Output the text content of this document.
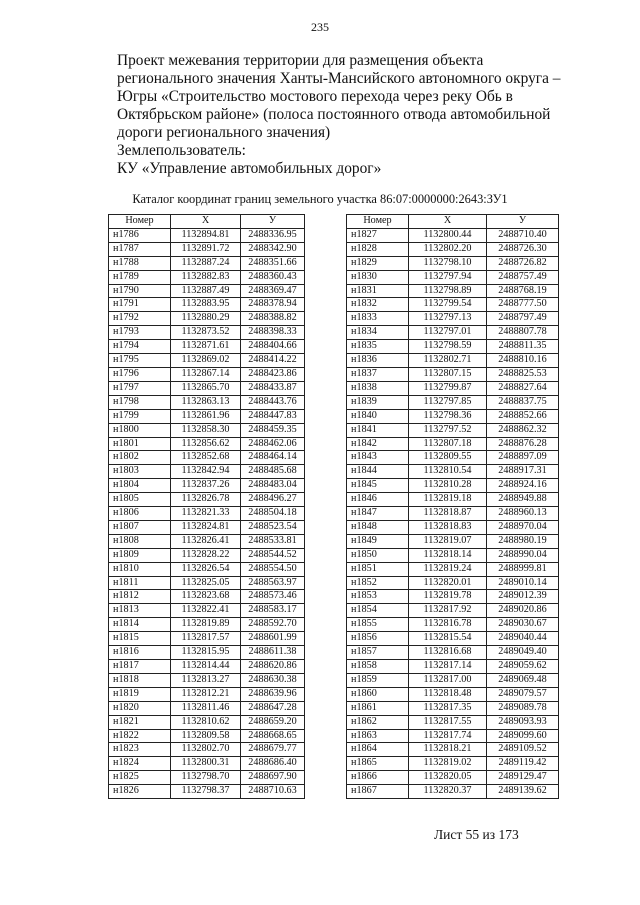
235
Проект межевания территории для размещения объекта
регионального значения Ханты-Мансийского автономного округа –
Югры «Строительство мостового перехода через реку Обь в
Октябрьском районе» (полоса постоянного отвода автомобильной
дороги регионального значения)
Землепользователь:
КУ «Управление автомобильных дорог»
Каталог координат границ земельного участка 86:07:0000000:2643:ЗУ1
Номер	X	У
н1786	1132894.81	2488336.95
н1787	1132891.72	2488342.90
н1788	1132887.24	2488351.66
н1789	1132882.83	2488360.43
н1790	1132887.49	2488369.47
н1791	1132883.95	2488378.94
н1792	1132880.29	2488388.82
н1793	1132873.52	2488398.33
н1794	1132871.61	2488404.66
н1795	1132869.02	2488414.22
н1796	1132867.14	2488423.86
н1797	1132865.70	2488433.87
н1798	1132863.13	2488443.76
н1799	1132861.96	2488447.83
н1800	1132858.30	2488459.35
н1801	1132856.62	2488462.06
н1802	1132852.68	2488464.14
н1803	1132842.94	2488485.68
н1804	1132837.26	2488483.04
н1805	1132826.78	2488496.27
н1806	1132821.33	2488504.18
н1807	1132824.81	2488523.54
н1808	1132826.41	2488533.81
н1809	1132828.22	2488544.52
н1810	1132826.54	2488554.50
н1811	1132825.05	2488563.97
н1812	1132823.68	2488573.46
н1813	1132822.41	2488583.17
н1814	1132819.89	2488592.70
н1815	1132817.57	2488601.99
н1816	1132815.95	2488611.38
н1817	1132814.44	2488620.86
н1818	1132813.27	2488630.38
н1819	1132812.21	2488639.96
н1820	1132811.46	2488647.28
н1821	1132810.62	2488659.20
н1822	1132809.58	2488668.65
н1823	1132802.70	2488679.77
н1824	1132800.31	2488686.40
н1825	1132798.70	2488697.90
н1826	1132798.37	2488710.63
Номер	X	У
н1827	1132800.44	2488710.40
н1828	1132802.20	2488726.30
н1829	1132798.10	2488726.82
н1830	1132797.94	2488757.49
н1831	1132798.89	2488768.19
н1832	1132799.54	2488777.50
н1833	1132797.13	2488797.49
н1834	1132797.01	2488807.78
н1835	1132798.59	2488811.35
н1836	1132802.71	2488810.16
н1837	1132807.15	2488825.53
н1838	1132799.87	2488827.64
н1839	1132797.85	2488837.75
н1840	1132798.36	2488852.66
н1841	1132797.52	2488862.32
н1842	1132807.18	2488876.28
н1843	1132809.55	2488897.09
н1844	1132810.54	2488917.31
н1845	1132810.28	2488924.16
н1846	1132819.18	2488949.88
н1847	1132818.87	2488960.13
н1848	1132818.83	2488970.04
н1849	1132819.07	2488980.19
н1850	1132818.14	2488990.04
н1851	1132819.24	2488999.81
н1852	1132820.01	2489010.14
н1853	1132819.78	2489012.39
н1854	1132817.92	2489020.86
н1855	1132816.78	2489030.67
н1856	1132815.54	2489040.44
н1857	1132816.68	2489049.40
н1858	1132817.14	2489059.62
н1859	1132817.00	2489069.48
н1860	1132818.48	2489079.57
н1861	1132817.35	2489089.78
н1862	1132817.55	2489093.93
н1863	1132817.74	2489099.60
н1864	1132818.21	2489109.52
н1865	1132819.02	2489119.42
н1866	1132820.05	2489129.47
н1867	1132820.37	2489139.62
Лист 55 из 173
